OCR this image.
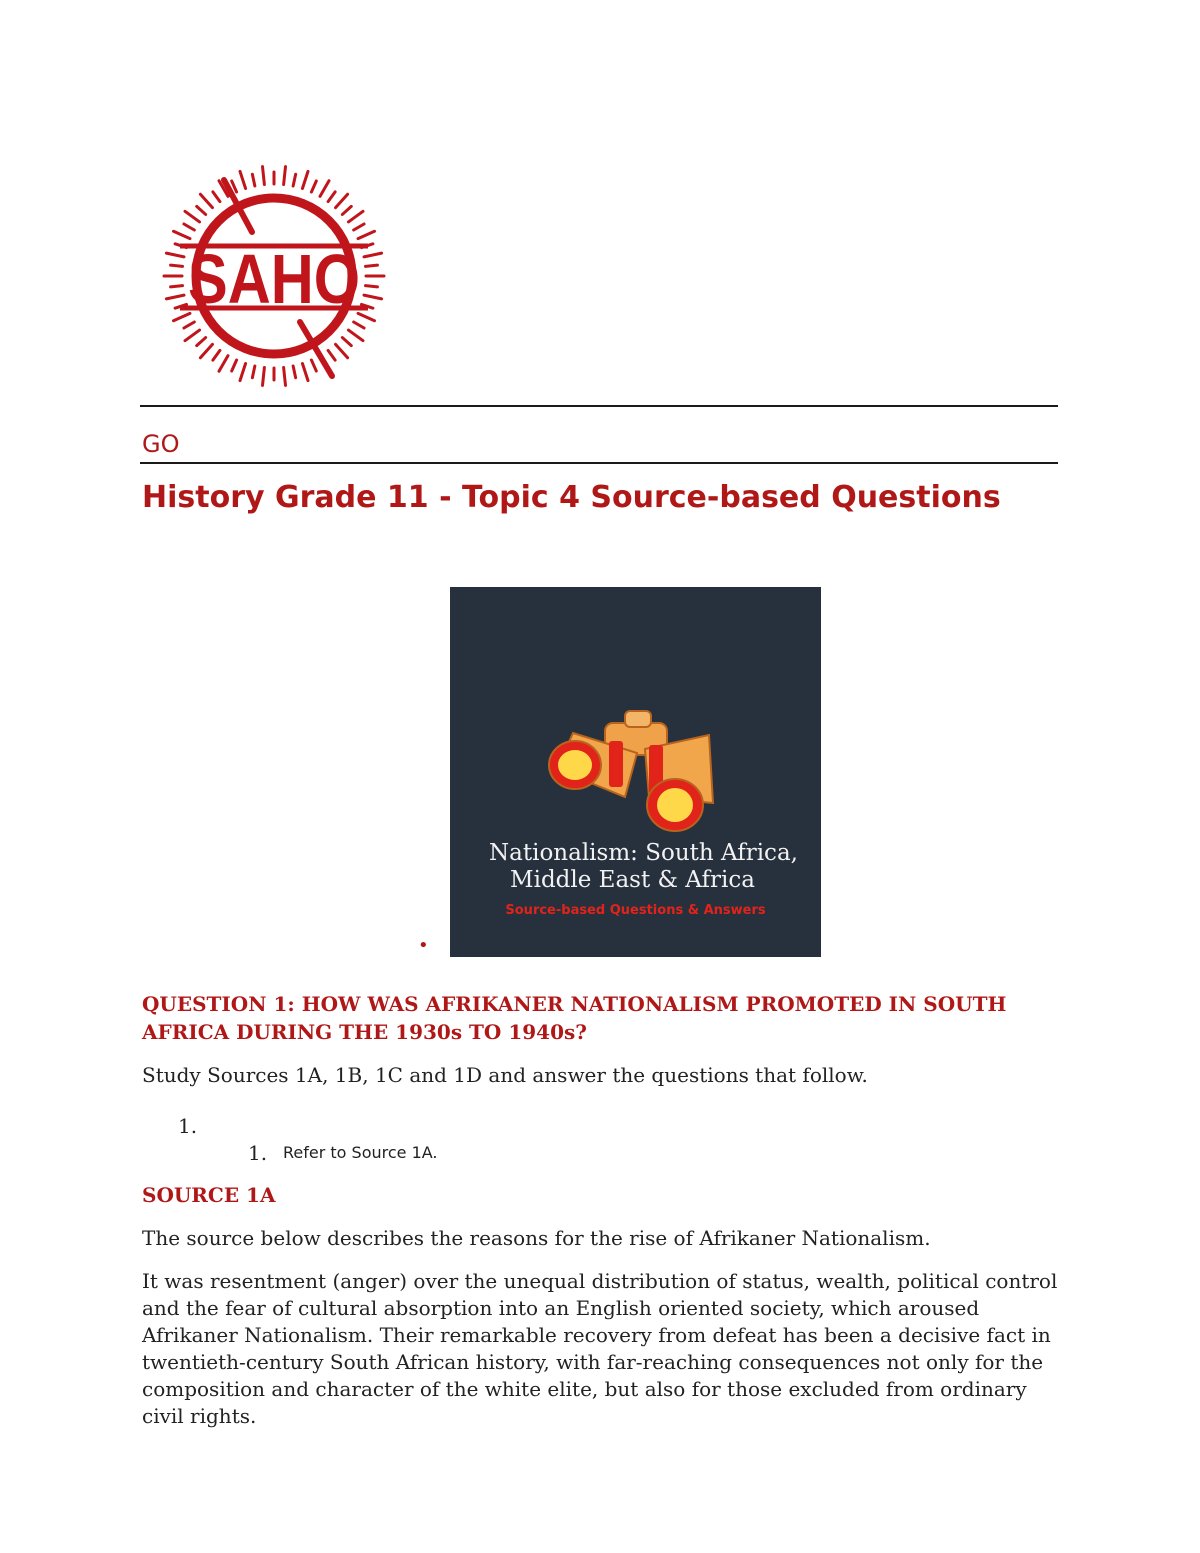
SAHO
GO
History Grade 11 - Topic 4 Source-based Questions
Nationalism: South Africa,
Middle East & Africa
Source-based Questions & Answers
•
QUESTION 1: HOW WAS AFRIKANER NATIONALISM PROMOTED IN SOUTH AFRICA DURING THE 1930s TO 1940s?

Study Sources 1A, 1B, 1C and 1D and answer the questions that follow.

1.
1. Refer to Source 1A.
SOURCE 1A

The source below describes the reasons for the rise of Afrikaner Nationalism.

It was resentment (anger) over the unequal distribution of status, wealth, political control and the fear of cultural absorption into an English oriented society, which aroused Afrikaner Nationalism. Their remarkable recovery from defeat has been a decisive fact in twentieth-century South African history, with far-reaching consequences not only for the composition and character of the white elite, but also for those excluded from ordinary civil rights.
